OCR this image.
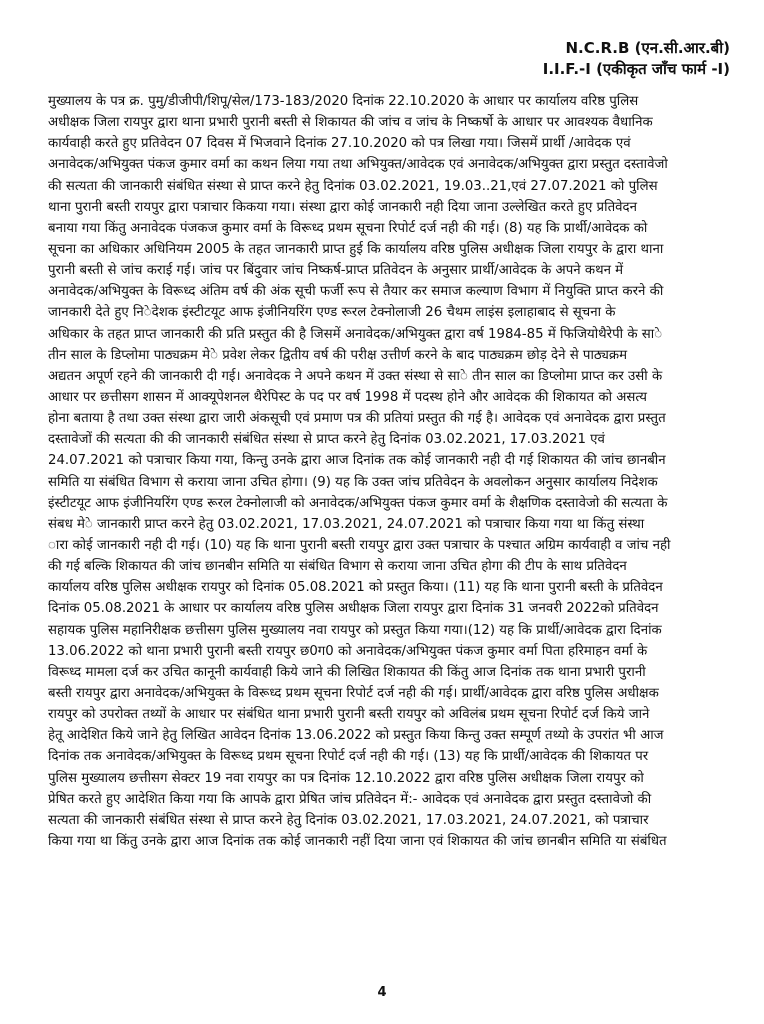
N.C.R.B (एन.सी.आर.बी)
I.I.F.-I (एकीकृत जाँच फार्म -I)
मुख्यालय के पत्र क्र. पुमु/डीजीपी/शिपू/सेल/173-183/2020 दिनांक 22.10.2020 के आधार पर कार्यालय वरिष्ठ पुलिस
अधीक्षक जिला रायपुर द्वारा थाना प्रभारी पुरानी बस्ती से शिकायत की जांच व जांच के निष्कर्षो के आधार पर आवश्यक वैधानिक
कार्यवाही करते हुए प्रतिवेदन 07 दिवस में भिजवाने दिनांक 27.10.2020 को पत्र लिखा गया। जिसमें प्रार्थी /आवेदक एवं
अनावेदक/अभियुक्त पंकज कुमार वर्मा का कथन लिया गया तथा अभियुक्त/आवेदक एवं अनावेदक/अभियुक्त द्वारा प्रस्तुत दस्तावेजो
की सत्यता की जानकारी संबंधित संस्था से प्राप्त करने हेतु दिनांक 03.02.2021, 19.03..21,एवं 27.07.2021 को पुलिस
थाना पुरानी बस्ती रायपुर द्वारा पत्राचार किकया गया। संस्था द्वारा कोई जानकारी नही दिया जाना उल्लेखित करते हुए प्रतिवेदन
बनाया गया किंतु अनावेदक पंजकज कुमार वर्मा के विरूध्द प्रथम सूचना रिपोर्ट दर्ज नही की गई। (8) यह कि प्रार्थी/आवेदक को
सूचना का अधिकार अधिनियम 2005 के तहत जानकारी प्राप्त हुई कि कार्यालय वरिष्ठ पुलिस अधीक्षक जिला रायपुर के द्वारा थाना
पुरानी बस्ती से जांच कराई गई। जांच पर बिंदुवार जांच निष्कर्ष-प्राप्त प्रतिवेदन के अनुसार प्रार्थी/आवेदक के अपने कथन में
अनावेदक/अभियुक्त के विरूध्द अंतिम वर्ष की अंक सूची फर्जी रूप से तैयार कर समाज कल्याण विभाग में नियुक्ति प्राप्त करने की
जानकारी देते हुए नि◌ेदेशक इंस्टीटयूट आफ इंजीनियरिंग एण्ड रूरल टेक्नोलाजी 26 चैथम लाइंस इलाहाबाद से सूचना के
अधिकार के तहत प्राप्त जानकारी की प्रति प्रस्तुत की है जिसमें अनावेदक/अभियुक्त द्वारा वर्ष 1984-85 में फिजियोथैरेपी के सा◌े
तीन साल के डिप्लोमा पाठ्यक्रम मे◌े प्रवेश लेकर द्वितीय वर्ष की परीक्ष उत्तीर्ण करने के बाद पाठ्यक्रम छोड़ देने से पाठ्यक्रम
अद्यतन अपूर्ण रहने की जानकारी दी गई। अनावेदक ने अपने कथन में उक्त संस्था से सा◌े तीन साल का डिप्लोमा प्राप्त कर उसी के
आधार पर छत्तीसग शासन में आक्यूपेशनल थैरेपिस्ट के पद पर वर्ष 1998 में पदस्थ होने और आवेदक की शिकायत को असत्य
होना बताया है तथा उक्त संस्था द्वारा जारी अंकसूची एवं प्रमाण पत्र की प्रतियां प्रस्तुत की गई है। आवेदक एवं अनावेदक द्वारा प्रस्तुत
दस्तावेजों की सत्यता की की जानकारी संबंधित संस्था से प्राप्त करने हेतु दिनांक 03.02.2021, 17.03.2021 एवं
24.07.2021 को पत्राचार किया गया, किन्तु उनके द्वारा आज दिनांक तक कोई जानकारी नही दी गई शिकायत की जांच छानबीन
समिति या संबंधित विभाग से कराया जाना उचित होगा। (9) यह कि उक्त जांच प्रतिवेदन के अवलोकन अनुसार कार्यालय निदेशक
इंस्टीटयूट आफ इंजीनियरिंग एण्ड रूरल टेक्नोलाजी को अनावेदक/अभियुक्त पंकज कुमार वर्मा के शैक्षणिक दस्तावेजो की सत्यता के
संबध मे◌े जानकारी प्राप्त करने हेतु 03.02.2021, 17.03.2021, 24.07.2021 को पत्राचार किया गया था किंतु संस्था
◌ारा कोई जानकारी नही दी गई। (10) यह कि थाना पुरानी बस्ती रायपुर द्वारा उक्त पत्राचार के पश्चात अग्रिम कार्यवाही व जांच नही
की गई बल्कि शिकायत की जांच छानबीन समिति या संबंधित विभाग से कराया जाना उचित होगा की टीप के साथ प्रतिवेदन
कार्यालय वरिष्ठ पुलिस अधीक्षक रायपुर को दिनांक 05.08.2021 को प्रस्तुत किया। (11) यह कि थाना पुरानी बस्ती के प्रतिवेदन
दिनांक 05.08.2021 के आधार पर कार्यालय वरिष्ठ पुलिस अधीक्षक जिला रायपुर द्वारा दिनांक 31 जनवरी 2022को प्रतिवेदन
सहायक पुलिस महानिरीक्षक छत्तीसग पुलिस मुख्यालय नवा रायपुर को प्रस्तुत किया गया।(12) यह कि प्रार्थी/आवेदक द्वारा दिनांक
13.06.2022 को थाना प्रभारी पुरानी बस्ती रायपुर छ0ग0 को अनावेदक/अभियुक्त पंकज कुमार वर्मा पिता हरिमाहन वर्मा के
विरूध्द मामला दर्ज कर उचित कानूनी कार्यवाही किये जाने की लिखित शिकायत की किंतु आज दिनांक तक थाना प्रभारी पुरानी
बस्ती रायपुर द्वारा अनावेदक/अभियुक्त के विरूध्द प्रथम सूचना रिपोर्ट दर्ज नही की गई। प्रार्थी/आवेदक द्वारा वरिष्ठ पुलिस अधीक्षक
रायपुर को उपरोक्त तथ्यों के आधार पर संबंधित थाना प्रभारी पुरानी बस्ती रायपुर को अविलंब प्रथम सूचना रिपोर्ट दर्ज किये जाने
हेतू आदेशित किये जाने हेतु लिखित आवेदन दिनांक 13.06.2022 को प्रस्तुत किया किन्तु उक्त सम्पूर्ण तथ्यो के उपरांत भी आज
दिनांक तक अनावेदक/अभियुक्त के विरूध्द प्रथम सूचना रिपोर्ट दर्ज नही की गई। (13) यह कि प्रार्थी/आवेदक की शिकायत पर
पुलिस मुख्यालय छत्तीसग सेक्टर 19 नवा रायपुर का पत्र दिनांक 12.10.2022 द्वारा वरिष्ठ पुलिस अधीक्षक जिला रायपुर को
प्रेषित करते हुए आदेशित किया गया कि आपके द्वारा प्रेषित जांच प्रतिवेदन में:- आवेदक एवं अनावेदक द्वारा प्रस्तुत दस्तावेजो की
सत्यता की जानकारी संबंधित संस्था से प्राप्त करने हेतु दिनांक 03.02.2021, 17.03.2021, 24.07.2021, को पत्राचार
किया गया था किंतु उनके द्वारा आज दिनांक तक कोई जानकारी नहीं दिया जाना एवं शिकायत की जांच छानबीन समिति या संबंधित
4
